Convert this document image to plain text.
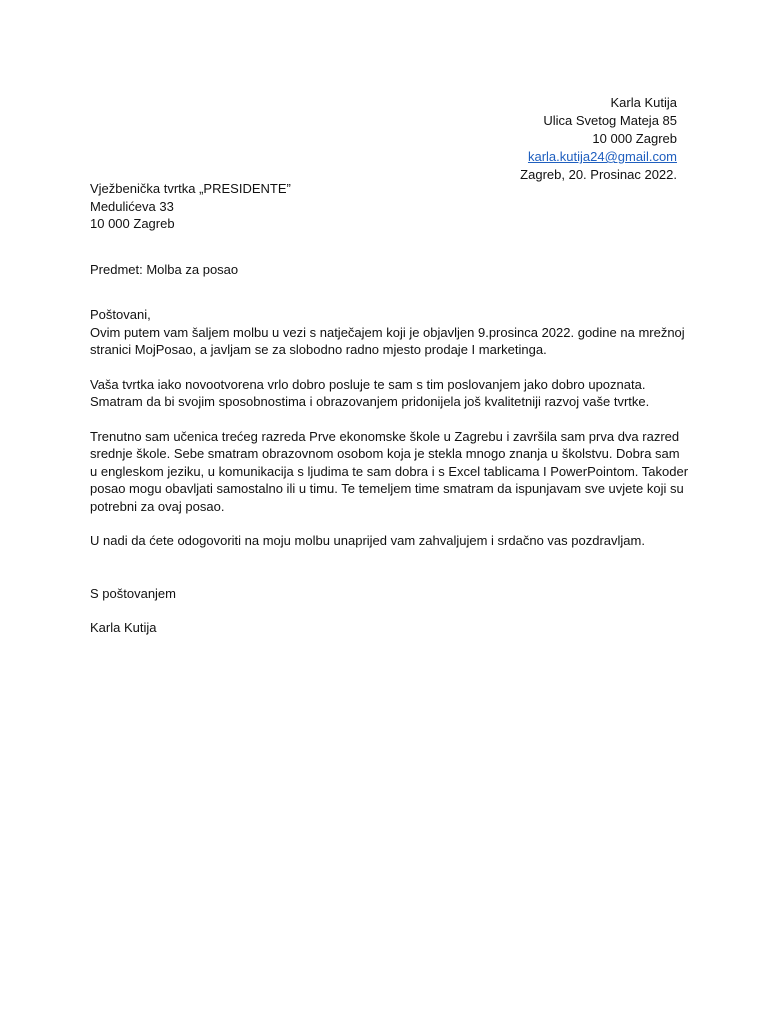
Karla Kutija
Ulica Svetog Mateja 85
10 000 Zagreb
karla.kutija24@gmail.com
Zagreb, 20. Prosinac 2022.
Vježbenička tvrtka „PRESIDENTE”
Medulićeva 33
10 000 Zagreb
Predmet: Molba za posao
Poštovani,
Ovim putem vam šaljem molbu u vezi s natječajem koji je objavljen 9.prosinca 2022. godine na mrežnoj stranici MojPosao, a javljam se za slobodno radno mjesto prodaje I marketinga.
Vaša tvrtka iako novootvorena vrlo dobro posluje te sam s tim poslovanjem jako dobro upoznata. Smatram da bi svojim sposobnostima i obrazovanjem pridonijela još kvalitetniji razvoj vaše tvrtke.
Trenutno sam učenica trećeg razreda Prve ekonomske škole u Zagrebu i završila sam prva dva razred srednje škole. Sebe smatram obrazovnom osobom koja je stekla mnogo znanja u školstvu. Dobra sam u engleskom jeziku, u komunikacija s ljudima te sam dobra i s Excel tablicama I PowerPointom. Takoder posao mogu obavljati samostalno ili u timu. Te temeljem time smatram da ispunjavam sve uvjete koji su potrebni za ovaj posao.
U nadi da ćete odogovoriti na moju molbu unaprijed vam zahvaljujem i srdačno vas pozdravljam.
S poštovanjem
Karla Kutija
